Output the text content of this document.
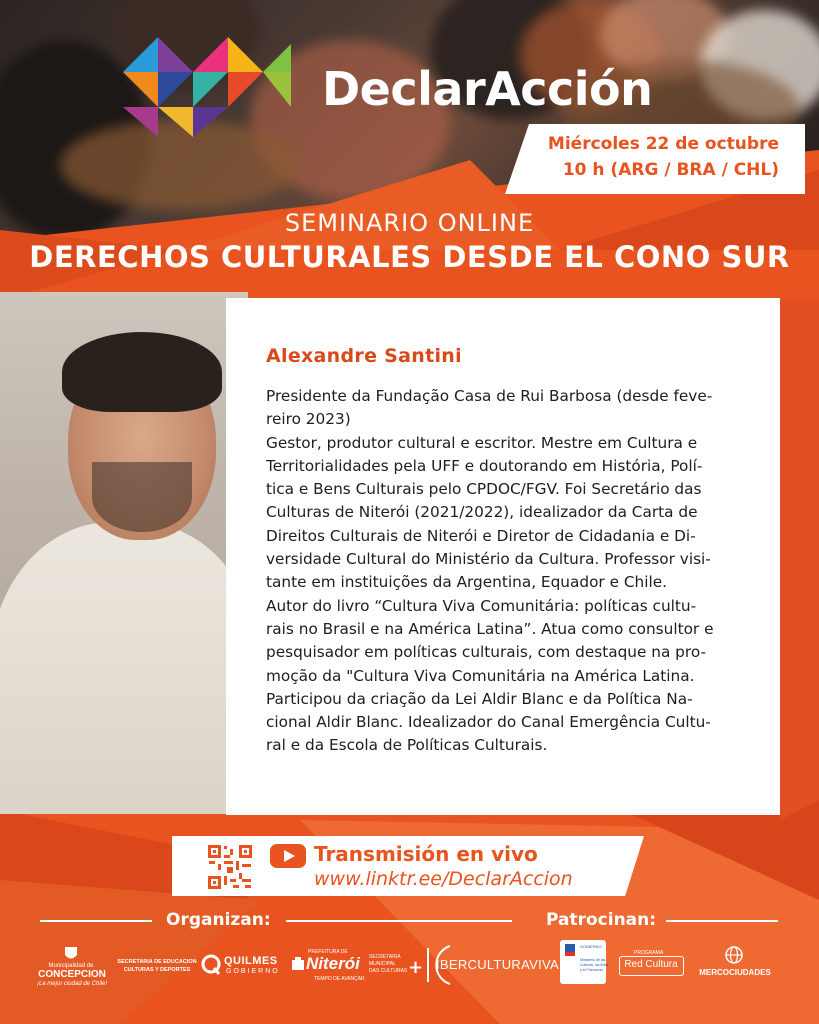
DeclarAcción
Miércoles 22 de octubre
10 h (ARG / BRA / CHL)
SEMINARIO ONLINE
DERECHOS CULTURALES DESDE EL CONO SUR
Alexandre Santini
Presidente da Fundação Casa de Rui Barbosa (desde feve-
reiro 2023)
Gestor, produtor cultural e escritor. Mestre em Cultura e
Territorialidades pela UFF e doutorando em História, Polí-
tica e Bens Culturais pelo CPDOC/FGV. Foi Secretário das
Culturas de Niterói (2021/2022), idealizador da Carta de
Direitos Culturais de Niterói e Diretor de Cidadania e Di-
versidade Cultural do Ministério da Cultura. Professor visi-
tante em instituições da Argentina, Equador e Chile.
Autor do livro “Cultura Viva Comunitária: políticas cultu-
rais no Brasil e na América Latina”. Atua como consultor e
pesquisador em políticas culturais, com destaque na pro-
moção da "Cultura Viva Comunitária na América Latina.
Participou da criação da Lei Aldir Blanc e da Política Na-
cional Aldir Blanc. Idealizador do Canal Emergência Cultu-
ral e da Escola de Políticas Culturais.
Transmisión en vivo
www.linktr.ee/DeclarAccion
Organizan:	Patrocinan:
Municipalidad de
CONCEPCION
¡La mejor ciudad de Chile!
SECRETARIA DE EDUCACION
CULTURAS Y DEPORTES
QUILMES
GOBIERNO
PREFEITURA DE
Niterói
TEMPO DE AVANÇAR
SECRETARIA
MUNICIPAL
DAS CULTURAS + IBERCULTURAVIVA
GOBIERNO
Ministerio de las
Culturas, las Artes
y el Patrimonio
PROGRAMA
Red Cultura
MERCOCIUDADES
